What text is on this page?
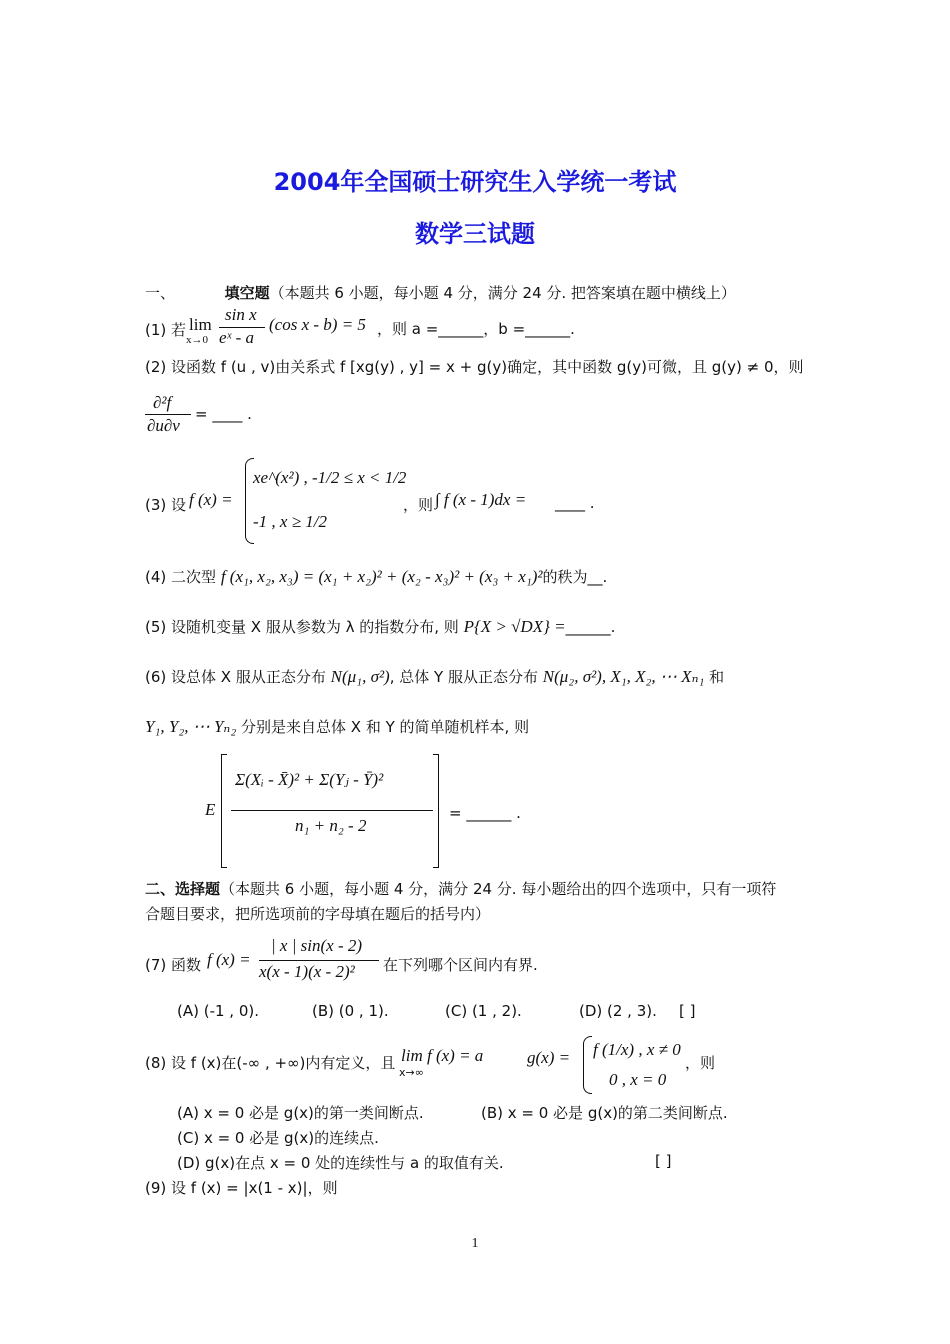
2004年全国硕士研究生入学统一考试
数学三试题
一、	填空题（本题共 6 小题，每小题 4 分，满分 24 分. 把答案填在题中横线上）
(1) 若 lim
x→0
sin x
eˣ - a
(cos x - b) = 5 ，则 a =______，b =______.
(2) 设函数 f (u , v)由关系式 f [xg(y) , y] = x + g(y)确定，其中函数 g(y)可微，且 g(y) ≠ 0，则
∂²f
∂u∂v
= ____ .
(3) 设 f (x) =
xe^(x²) , -1/2 ≤ x < 1/2
-1 , x ≥ 1/2
，则 ∫ f (x - 1)dx = ____ .
(4) 二次型 f (x₁, x₂, x₃) = (x₁ + x₂)² + (x₂ - x₃)² + (x₃ + x₁)²的秩为__.
(5) 设随机变量 X 服从参数为 λ 的指数分布, 则 P{X > √DX} =______.
(6) 设总体 X 服从正态分布 N(μ₁, σ²), 总体 Y 服从正态分布 N(μ₂, σ²), X₁, X₂, ⋯ Xₙ₁ 和
Y₁, Y₂, ⋯ Yₙ₂ 分别是来自总体 X 和 Y 的简单随机样本, 则
E
Σ(Xᵢ - X̄)² + Σ(Yⱼ - Ȳ)²
n₁ + n₂ - 2
= ______ .
二、选择题（本题共 6 小题，每小题 4 分，满分 24 分. 每小题给出的四个选项中，只有一项符
合题目要求，把所选项前的字母填在题后的括号内）
(7) 函数 f (x) =
| x | sin(x - 2)
x(x - 1)(x - 2)² 在下列哪个区间内有界.
(A) (-1 , 0).	(B) (0 , 1).	(C) (1 , 2).	(D) (2 , 3). [ ]
(8) 设 f (x)在(-∞ , +∞)内有定义，且 lim f (x) = a
x→∞
g(x) = f (1/x) , x ≠ 0
0 , x = 0
，则
(A) x = 0 必是 g(x)的第一类间断点.	(B) x = 0 必是 g(x)的第二类间断点.
(C) x = 0 必是 g(x)的连续点.
(D) g(x)在点 x = 0 处的连续性与 a 的取值有关.	[ ]
(9) 设 f (x) = |x(1 - x)|，则
1
